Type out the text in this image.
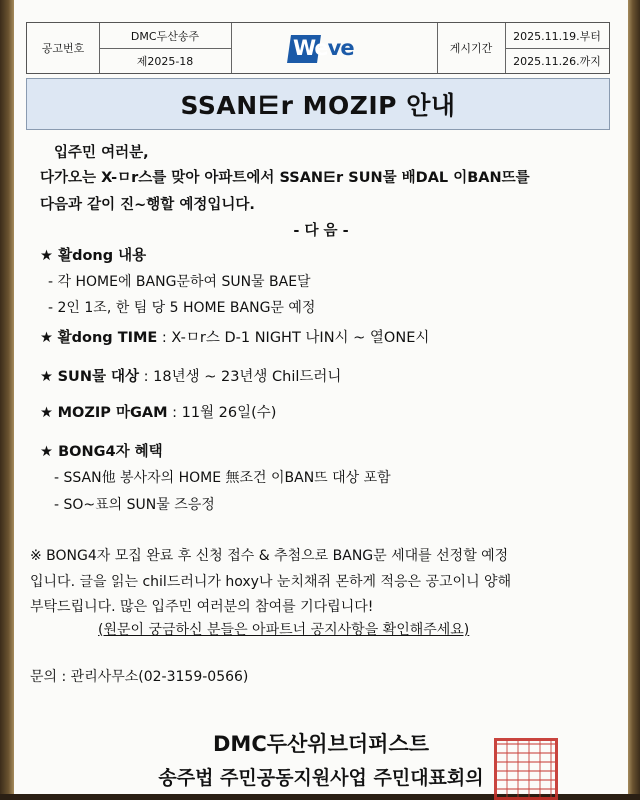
공고번호
DMC두산송주
제2025-18
Weve	게시기간
2025.11.19.부터
2025.11.26.까지
SSAN⋿r MOZIP 안내
입주민 여러분,
다가오는 X-ㅁr스를 맞아 아파트에서 SSAN⋿r SUN물 배DAL 이BAN뜨를
다음과 같이 진~행할 예정입니다.
- 다 음 -
★ 활dong 내용
- 각 HOME에 BANG문하여 SUN물 BAE달
- 2인 1조, 한 팀 당 5 HOME BANG문 예정
★ 활dong TIME : X-ㅁr스 D-1 NIGHT 나IN시 ~ 열ONE시
★ SUN물 대상 : 18년생 ~ 23년생 Chil드러니
★ MOZIP 마GAM : 11월 26일(수)
★ BONG4자 혜택
- SSAN他 봉사자의 HOME 無조건 이BAN뜨 대상 포함
- SO~표의 SUN물 즈응정
※ BONG4자 모집 완료 후 신청 접수 & 추첨으로 BANG문 세대를 선정할 예정
입니다. 글을 읽는 chil드러니가 hoxy나 눈치채쥐 몬하게 적응은 공고이니 양해
부탁드립니다. 많은 입주민 여러분의 참여를 기다립니다!
(원문이 궁금하신 분들은 아파트너 공지사항을 확인해주세요)
문의 : 관리사무소(02-3159-0566)
DMC두산위브더퍼스트
송주법 주민공동지원사업 주민대표회의
